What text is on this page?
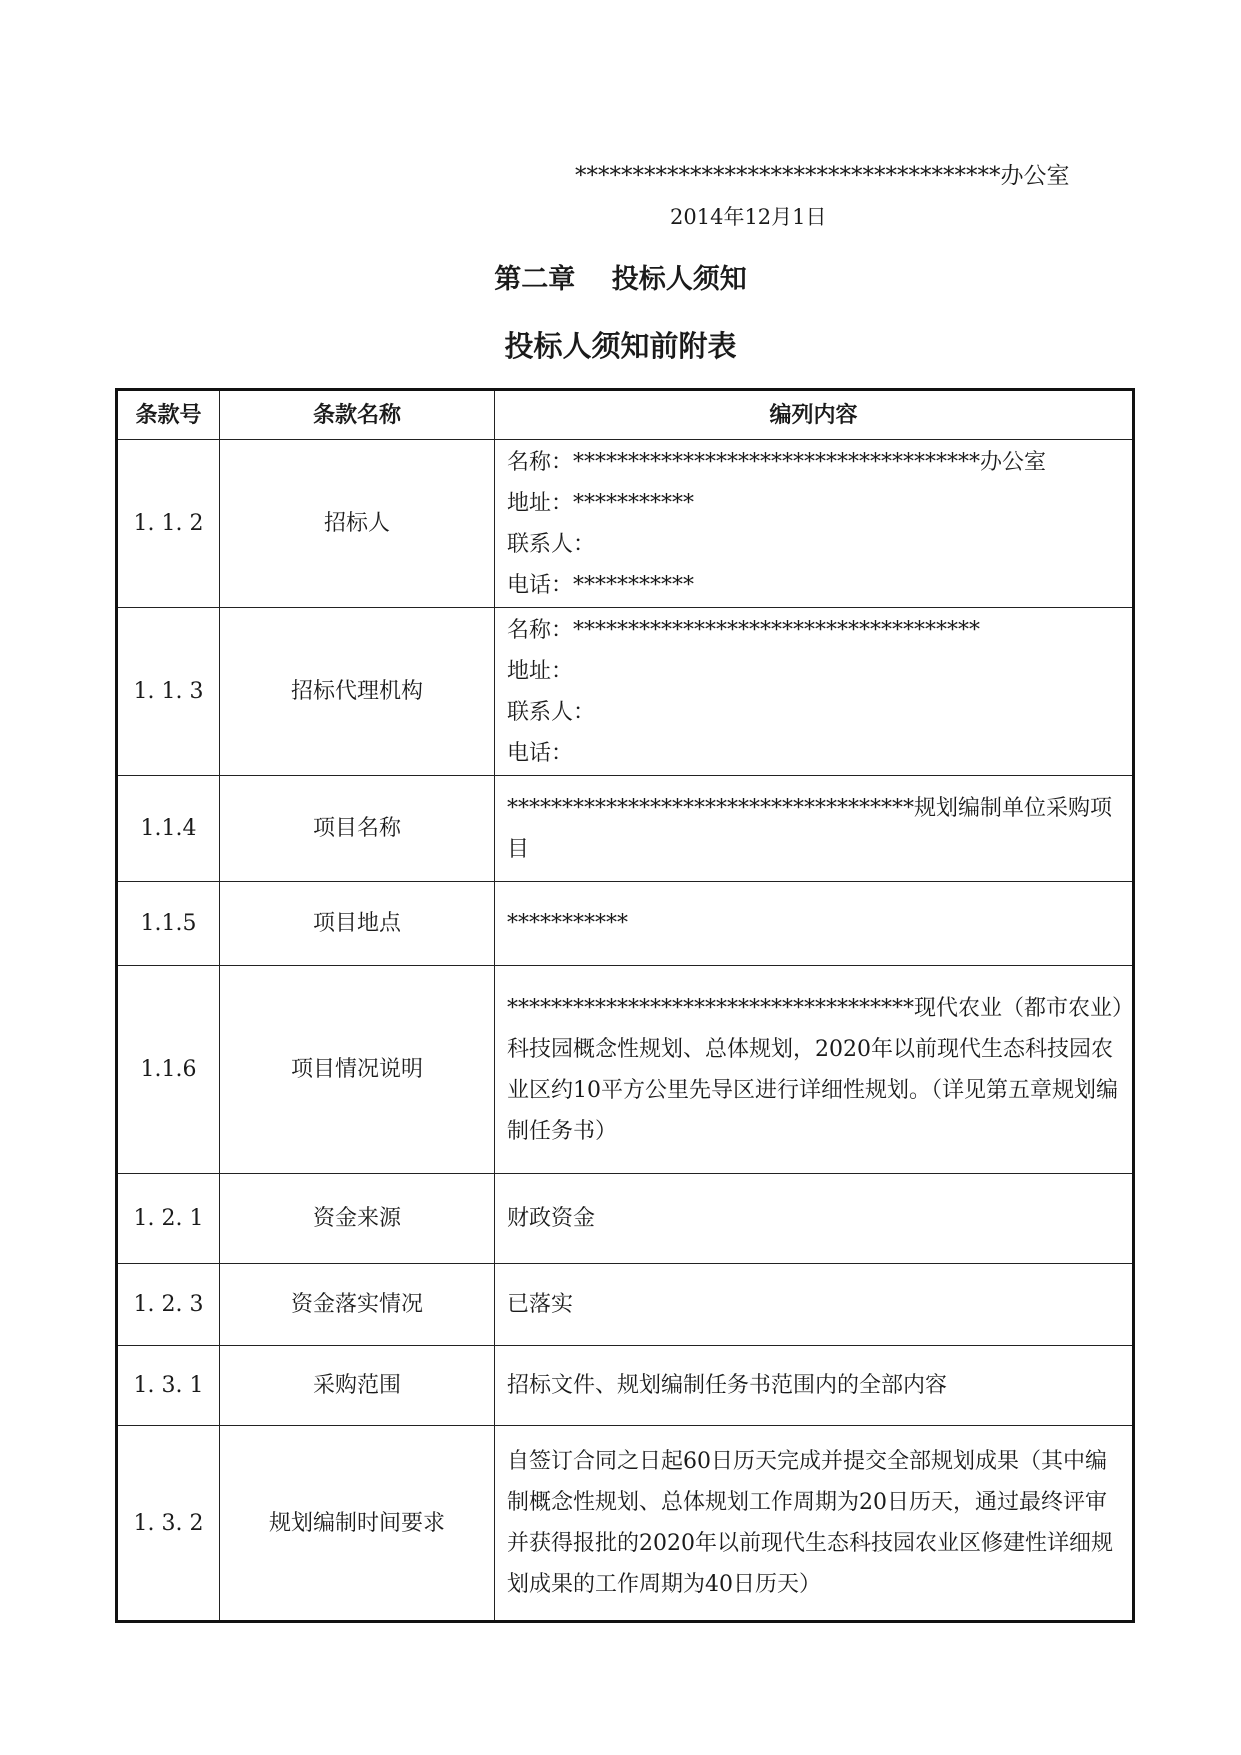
*************************************办公室
2014年12月1日
第二章　 投标人须知
投标人须知前附表
条款号	条款名称	编列内容
1. 1. 2	招标人	名称：*************************************办公室
地址：***********
联系人：
电话：***********

1. 1. 3	招标代理机构	名称：*************************************
地址：
联系人：
电话：

1.1.4	项目名称	*************************************规划编制单位采购项目

1.1.5	项目地点	***********

1.1.6	项目情况说明	*************************************现代农业（都市农业）科技园概念性规划、总体规划，2020年以前现代生态科技园农业区约10平方公里先导区进行详细性规划。（详见第五章规划编制任务书）

1. 2. 1	资金来源	财政资金

1. 2. 3	资金落实情况	已落实

1. 3. 1	采购范围	招标文件、规划编制任务书范围内的全部内容

1. 3. 2	规划编制时间要求	自签订合同之日起60日历天完成并提交全部规划成果（其中编制概念性规划、总体规划工作周期为20日历天，通过最终评审并获得报批的2020年以前现代生态科技园农业区修建性详细规划成果的工作周期为40日历天）
